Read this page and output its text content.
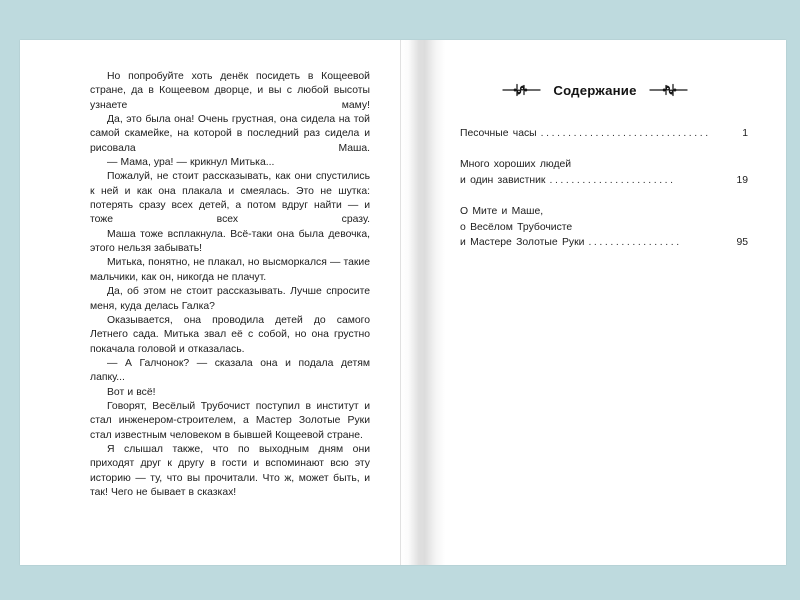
Но попробуйте хоть денёк посидеть в Кощеевой стране, да в Кощеевом дворце, и вы с любой высоты узнаете маму!

Да, это была она! Очень грустная, она сидела на той самой скамейке, на которой в последний раз сидела и рисовала Маша.

— Мама, ура! — крикнул Митька...

Пожалуй, не стоит рассказывать, как они спустились к ней и как она плакала и смеялась. Это не шутка: потерять сразу всех детей, а потом вдруг найти — и тоже всех сразу.

Маша тоже всплакнула. Всё-таки она была девочка, этого нельзя забывать!

Митька, понятно, не плакал, но высморкался — такие мальчики, как он, никогда не плачут.

Да, об этом не стоит рассказывать. Лучше спросите меня, куда делась Галка?

Оказывается, она проводила детей до самого Летнего сада. Митька звал её с собой, но она грустно покачала головой и отказалась.

— А Галчонок? — сказала она и подала детям лапку...

Вот и всё!

Говорят, Весёлый Трубочист поступил в институт и стал инженером-строителем, а Мастер Золотые Руки стал известным человеком в бывшей Кощеевой стране.

Я слышал также, что по выходным дням они приходят друг к другу в гости и вспоминают всю эту историю — ту, что вы прочитали. Что ж, может быть, и так! Чего не бывает в сказках!

Содержание
Песочные часы ...............................	1
Много хороших людей
и один завистник .......................	19
О Мите и Маше,
о Весёлом Трубочисте
и Мастере Золотые Руки .................	95
